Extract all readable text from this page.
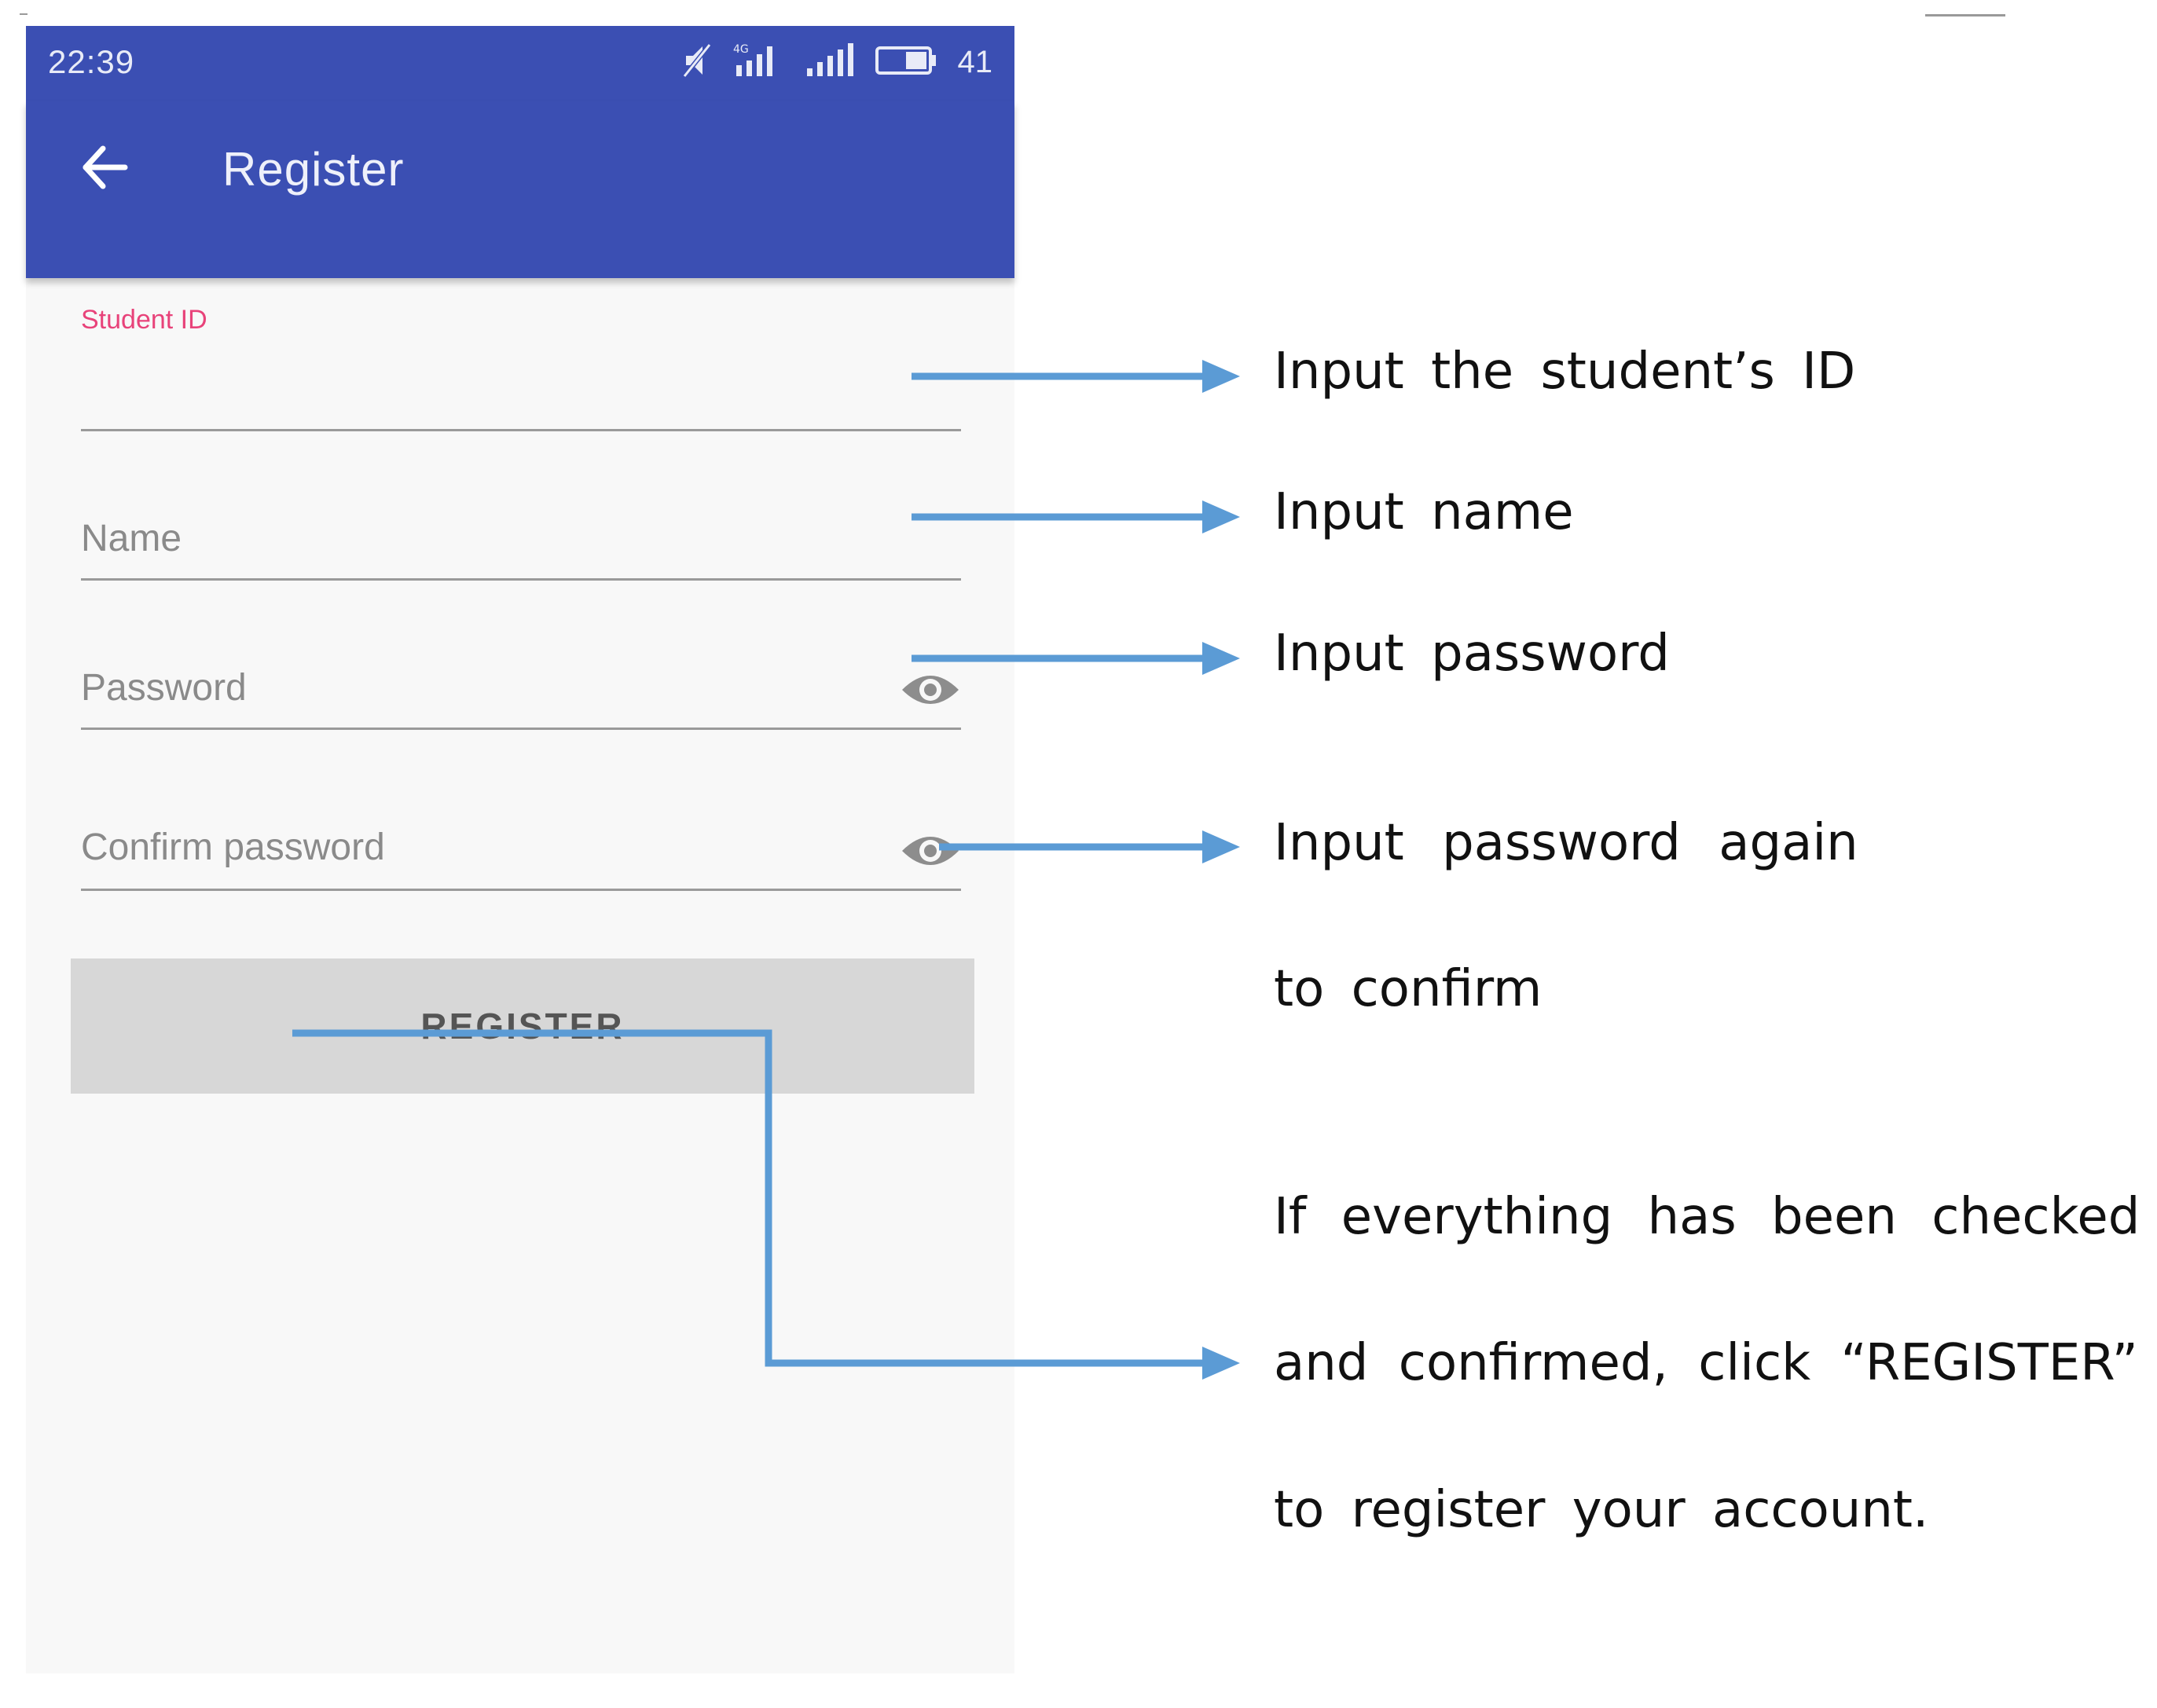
22:39	4G	41
Register
Student ID
Name
Password
Confirm password
REGISTER
Input the student’s ID
Input name
Input password
Input password again
to confirm
If everything has been checked
and confirmed, click “REGISTER”
to register your account.
